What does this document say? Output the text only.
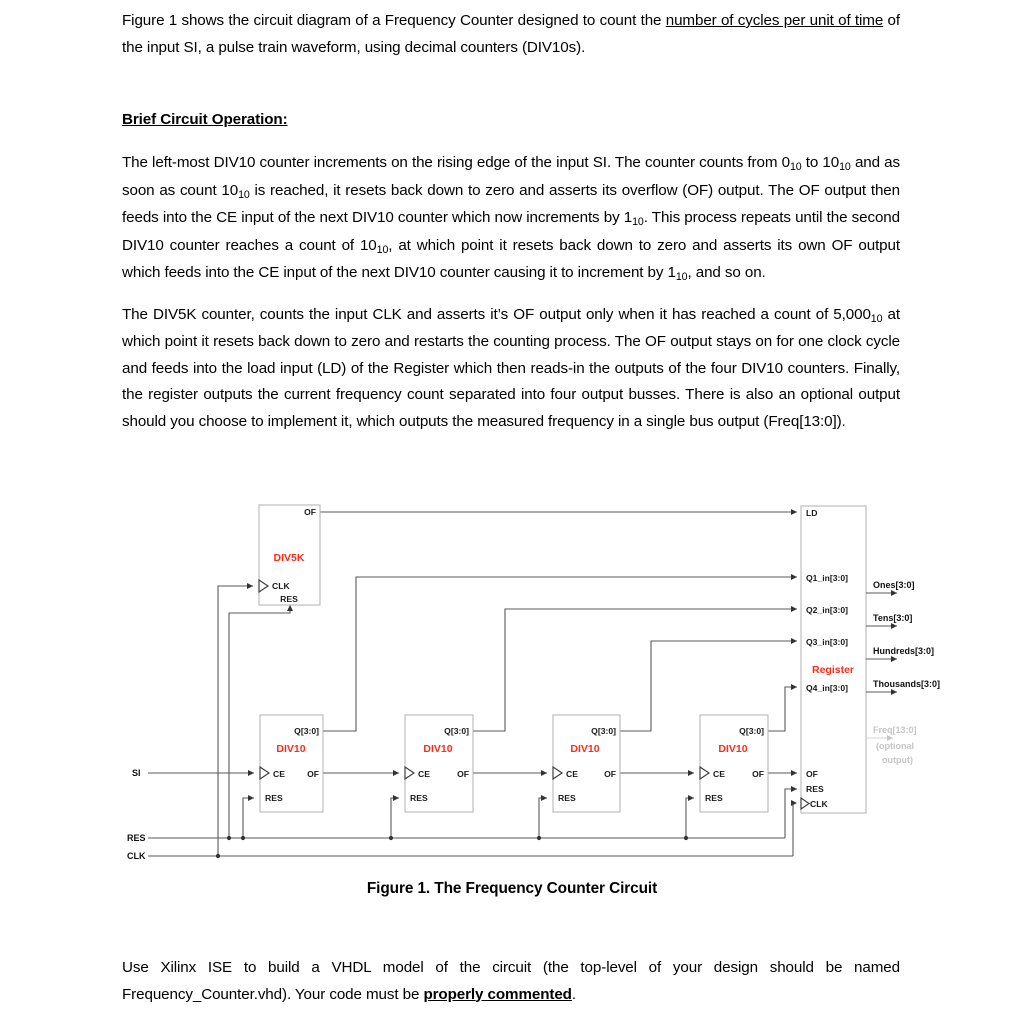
Figure 1 shows the circuit diagram of a Frequency Counter designed to count the number of cycles per unit of time of the input SI, a pulse train waveform, using decimal counters (DIV10s).

Brief Circuit Operation:

The left-most DIV10 counter increments on the rising edge of the input SI. The counter counts from $0_{10}$ to $10_{10}$ and as soon as count $10_{10}$ is reached, it resets back down to zero and asserts its overflow (OF) output. The OF output then feeds into the CE input of the next DIV10 counter which now increments by $1_{10}$. This process repeats until the second DIV10 counter reaches a count of $10_{10}$, at which point it resets back down to zero and asserts its own OF output which feeds into the CE input of the next DIV10 counter causing it to increment by $1_{10}$, and so on.

The DIV5K counter, counts the input CLK and asserts it’s OF output only when it has reached a count of $5,000_{10}$ at which point it resets back down to zero and restarts the counting process. The OF output stays on for one clock cycle and feeds into the load input (LD) of the Register which then reads-in the outputs of the four DIV10 counters. Finally, the register outputs the current frequency count separated into four output busses. There is also an optional output should you choose to implement it, which outputs the measured frequency in a single bus output (Freq[13:0]).

DIV5K
OF
CLK
RES
DIV10
Q[3:0]
CE	OF
RES
DIV10
Q[3:0]
CE	OF
RES
DIV10
Q[3:0]
CE	OF
RES
DIV10
Q[3:0]
CE	OF
RES
Register
LD
Q1_in[3:0]
Q2_in[3:0]
Q3_in[3:0]
Q4_in[3:0]
OF
RES
CLK
Ones[3:0]
Tens[3:0]
Hundreds[3:0]
Thousands[3:0]
Freq[13:0]
(optional
output)
SI
RES
CLK
Figure 1. The Frequency Counter Circuit

Use Xilinx ISE to build a VHDL model of the circuit (the top-level of your design should be named Frequency_Counter.vhd). Your code must be properly commented.
